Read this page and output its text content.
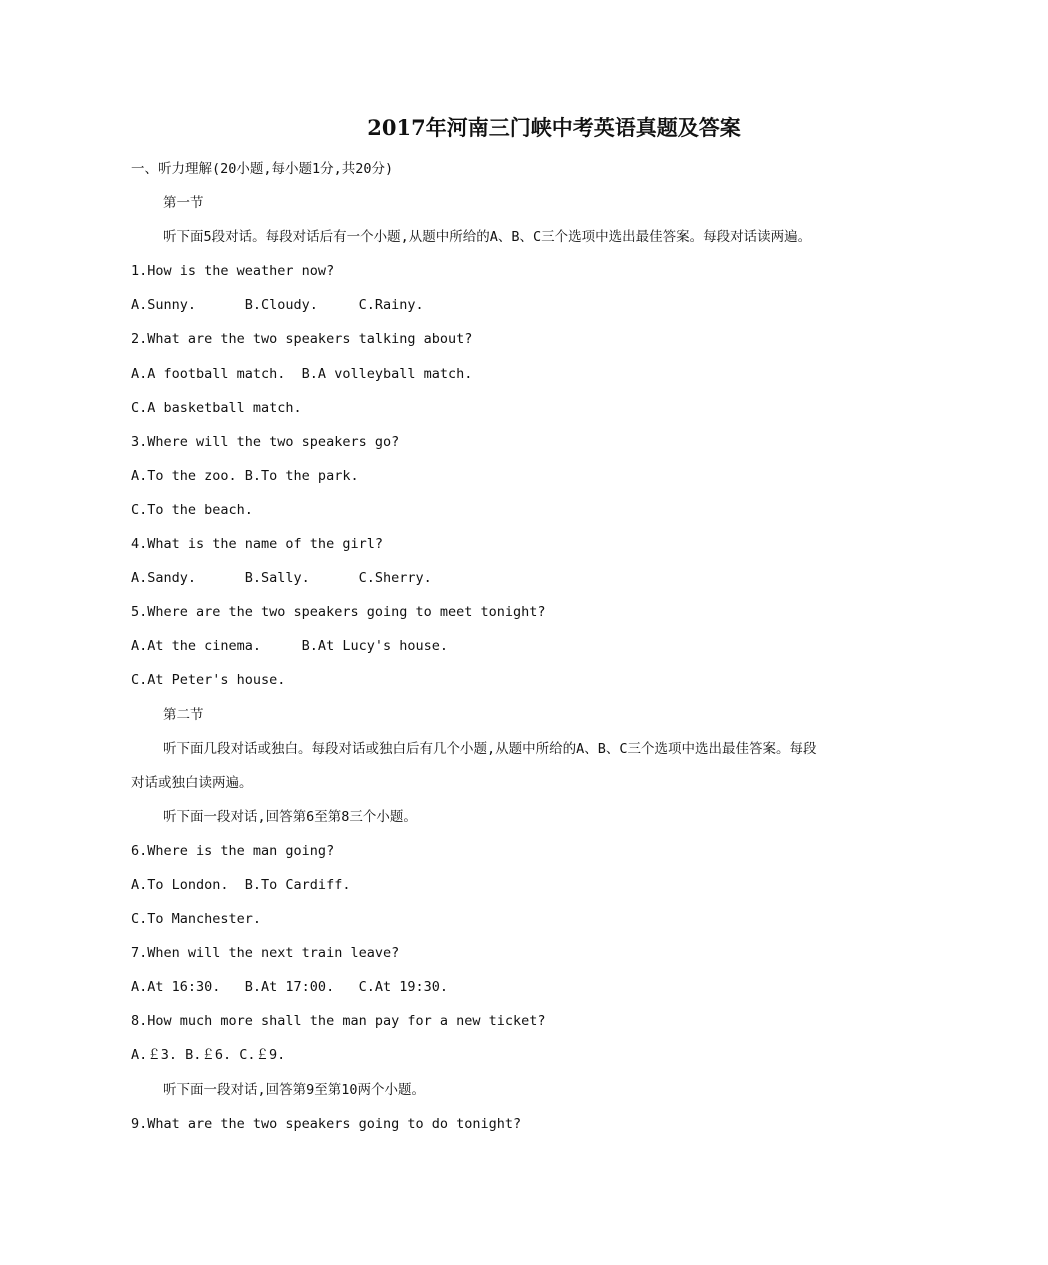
2017年河南三门峡中考英语真题及答案
一、听力理解(20小题,每小题1分,共20分)
第一节
听下面5段对话。每段对话后有一个小题,从题中所给的A、B、C三个选项中选出最佳答案。每段对话读两遍。
1.How is the weather now?
A.Sunny.      B.Cloudy.     C.Rainy.
2.What are the two speakers talking about?
A.A football match.  B.A volleyball match.
C.A basketball match.
3.Where will the two speakers go?
A.To the zoo. B.To the park.
C.To the beach.
4.What is the name of the girl?
A.Sandy.      B.Sally.      C.Sherry.
5.Where are the two speakers going to meet tonight?
A.At the cinema.     B.At Lucy's house.
C.At Peter's house.
第二节
听下面几段对话或独白。每段对话或独白后有几个小题,从题中所给的A、B、C三个选项中选出最佳答案。每段
对话或独白读两遍。
听下面一段对话,回答第6至第8三个小题。
6.Where is the man going?
A.To London.  B.To Cardiff.
C.To Manchester.
7.When will the next train leave?
A.At 16:30.   B.At 17:00.   C.At 19:30.
8.How much more shall the man pay for a new ticket?
A.￡3. B.￡6. C.￡9.
听下面一段对话,回答第9至第10两个小题。
9.What are the two speakers going to do tonight?
